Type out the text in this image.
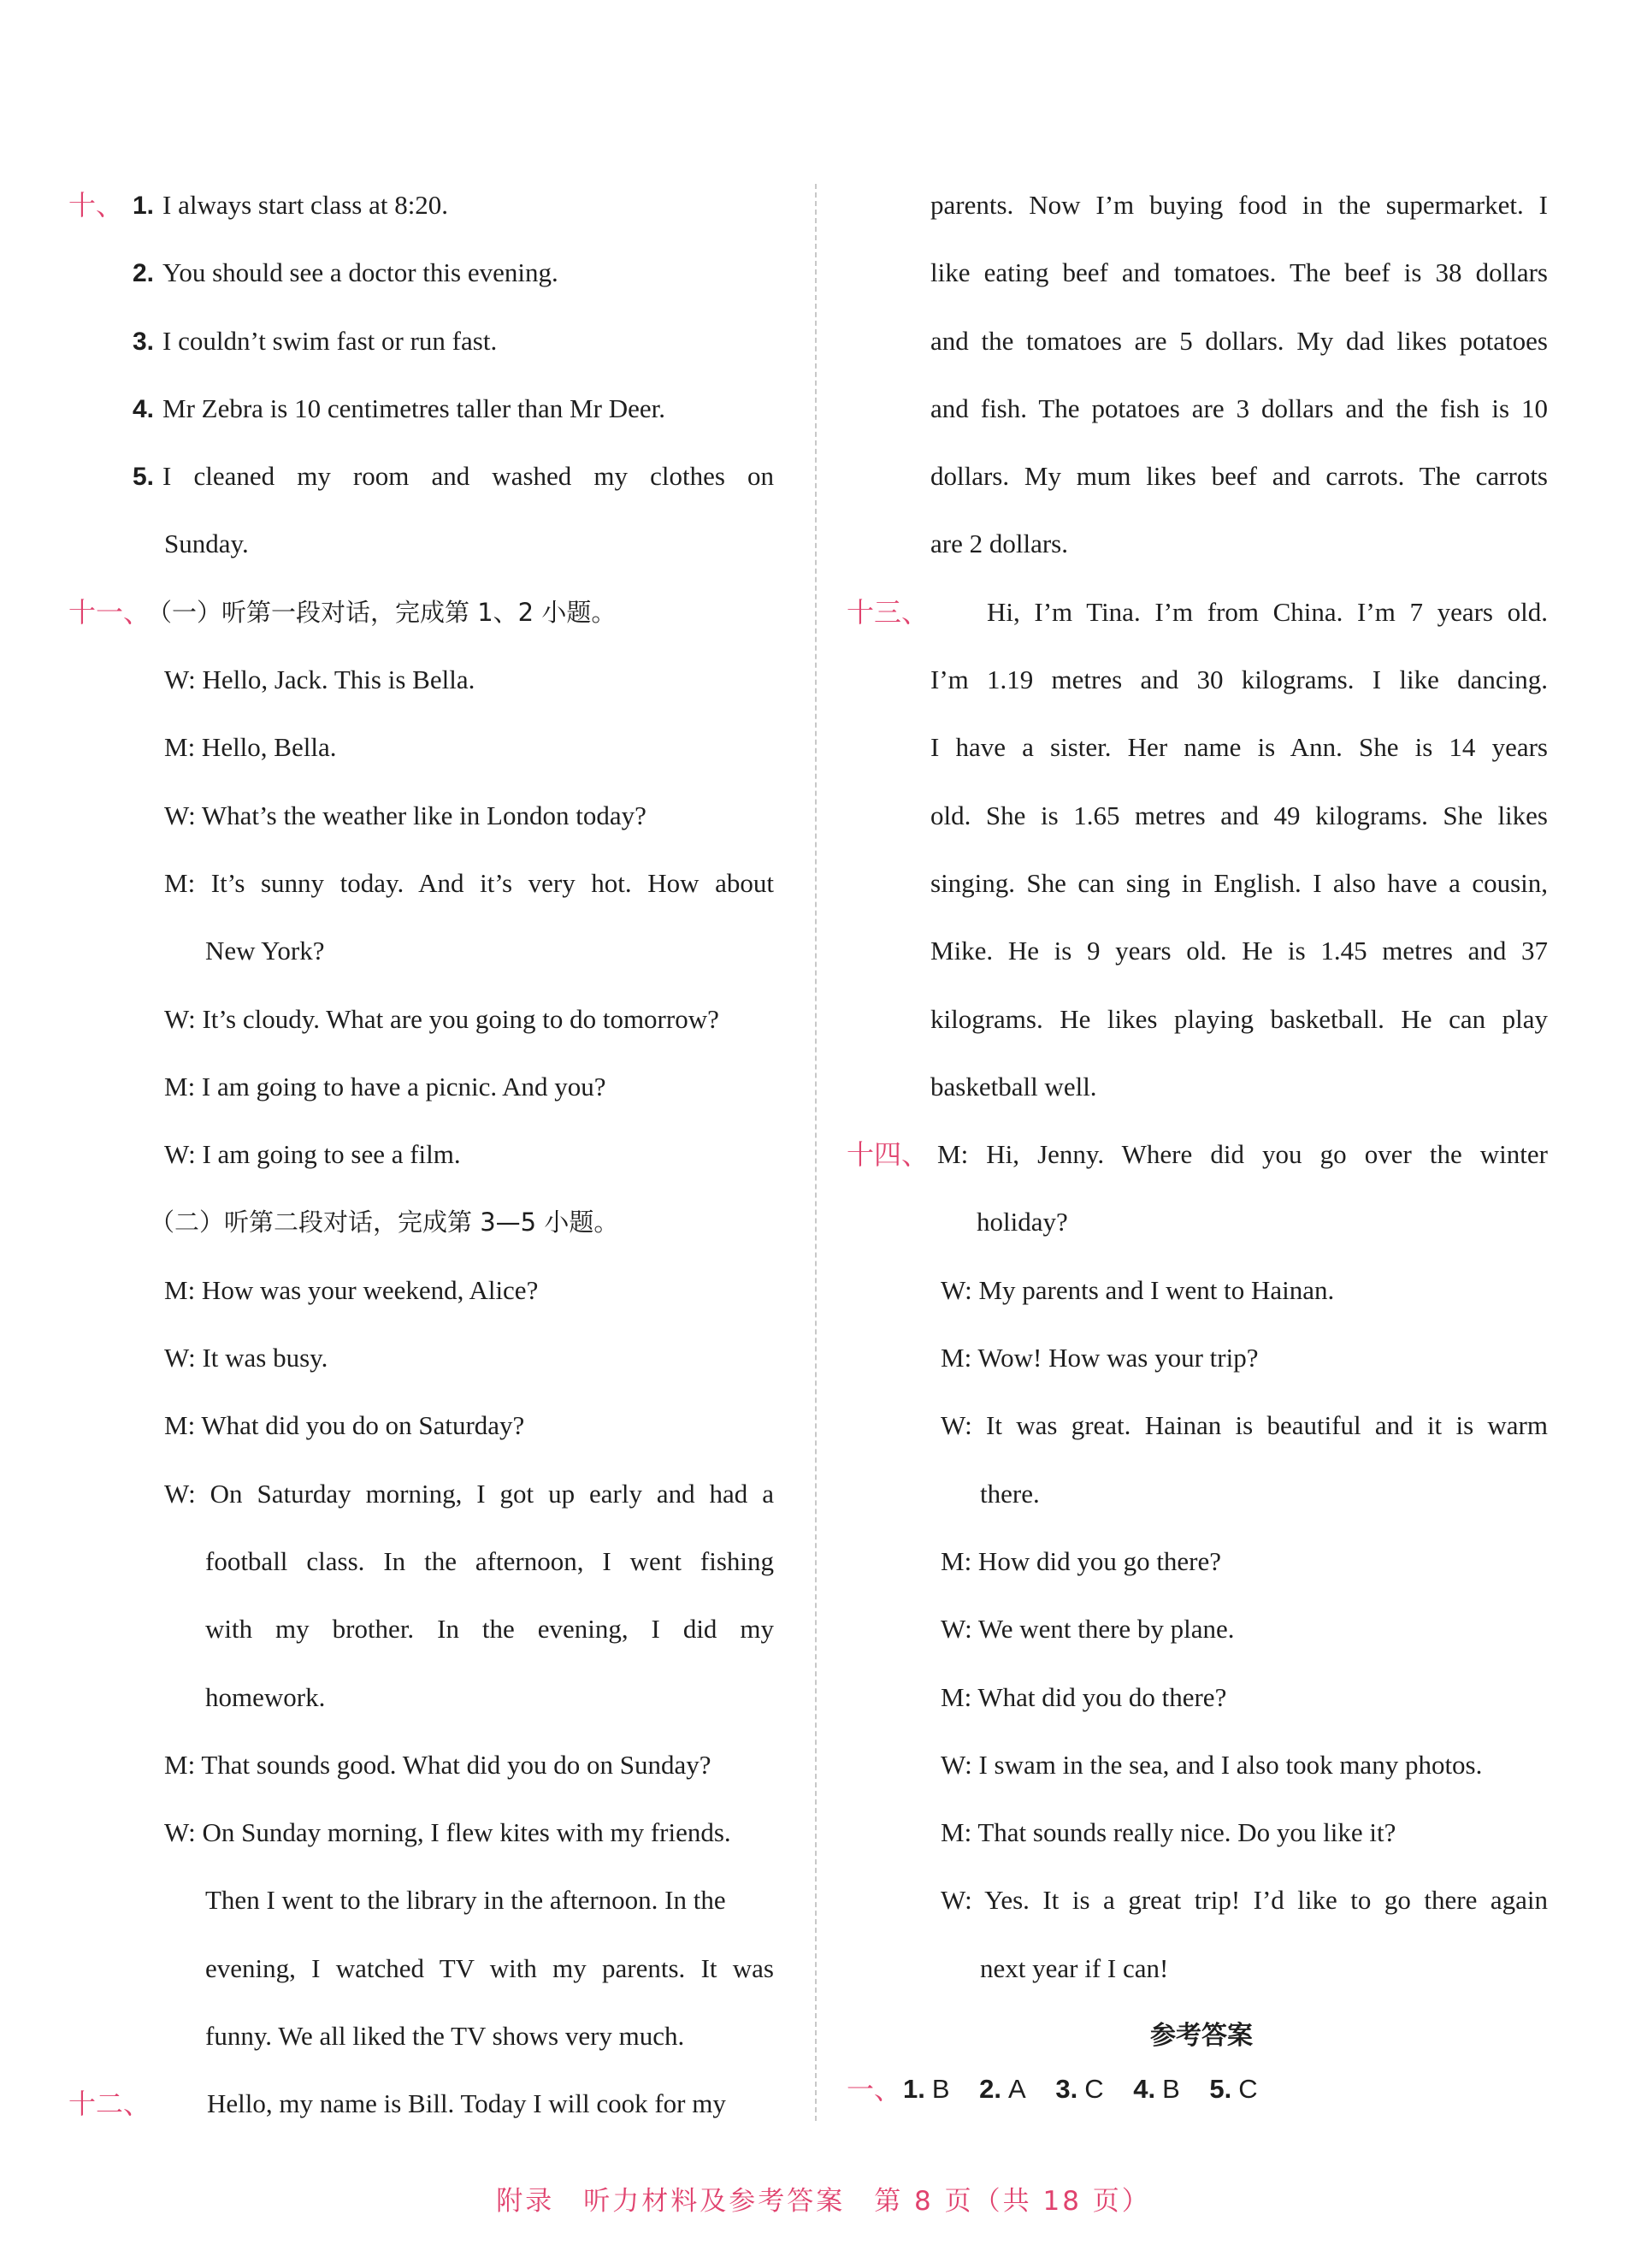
十、 1. I always start class at 8:20.
2. You should see a doctor this evening.
3. I couldn’t swim fast or run fast.
4. Mr Zebra is 10 centimetres taller than Mr Deer.
5. I cleaned my room and washed my clothes on
Sunday.
十一、
（一）听第一段对话，完成第 1、2 小题。
W: Hello, Jack. This is Bella.
M: Hello, Bella.
W: What’s the weather like in London today?
M: It’s sunny today. And it’s very hot. How about
New York?
W: It’s cloudy. What are you going to do tomorrow?
M: I am going to have a picnic. And you?
W: I am going to see a film.
（二）听第二段对话，完成第 3—5 小题。
M: How was your weekend, Alice?
W: It was busy.
M: What did you do on Saturday?
W: On Saturday morning, I got up early and had a
football class. In the afternoon, I went fishing
with my brother. In the evening, I did my
homework.
M: That sounds good. What did you do on Sunday?
W: On Sunday morning, I flew kites with my friends.
Then I went to the library in the afternoon. In the
evening, I watched TV with my parents. It was
funny. We all liked the TV shows very much.
十二、 Hello, my name is Bill. Today I will cook for my
parents. Now I’m buying food in the supermarket. I
like eating beef and tomatoes. The beef is 38 dollars
and the tomatoes are 5 dollars. My dad likes potatoes
and fish. The potatoes are 3 dollars and the fish is 10
dollars. My mum likes beef and carrots. The carrots
are 2 dollars.
十三、 Hi, I’m Tina. I’m from China. I’m 7 years old.
I’m 1.19 metres and 30 kilograms. I like dancing.
I have a sister. Her name is Ann. She is 14 years
old. She is 1.65 metres and 49 kilograms. She likes
singing. She can sing in English. I also have a cousin,
Mike. He is 9 years old. He is 1.45 metres and 37
kilograms. He likes playing basketball. He can play
basketball well.
十四、 M: Hi, Jenny. Where did you go over the winter
holiday?
W: My parents and I went to Hainan.
M: Wow! How was your trip?
W: It was great. Hainan is beautiful and it is warm
there.
M: How did you go there?
W: We went there by plane.
M: What did you do there?
W: I swam in the sea, and I also took many photos.
M: That sounds really nice. Do you like it?
W: Yes. It is a great trip! I’d like to go there again
next year if I can!
参考答案
一、 1. B 2. A 3. C 4. B 5. C
附录　听力材料及参考答案　第 8 页（共 18 页）
